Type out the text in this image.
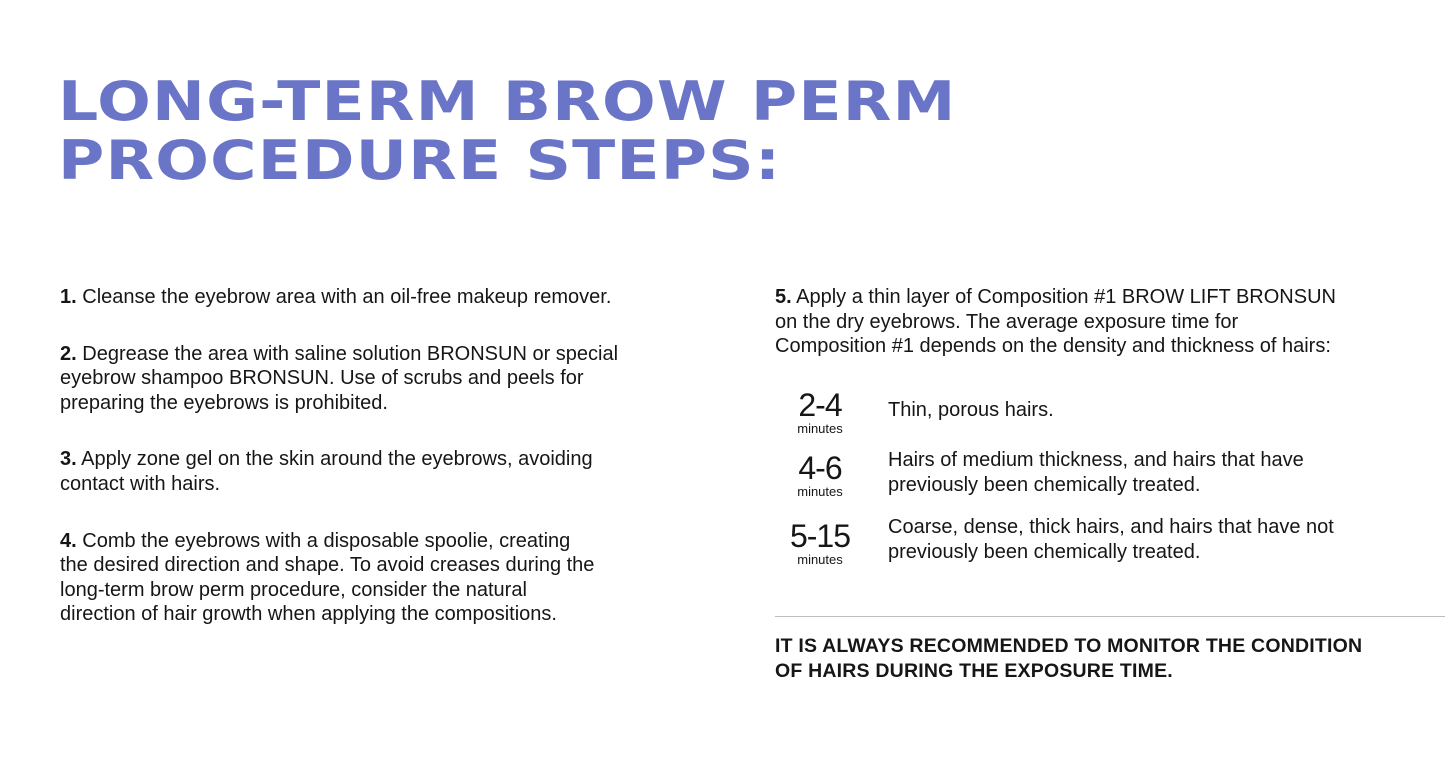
LONG-TERM BROW PERM
PROCEDURE STEPS:

1. Cleanse the eyebrow area with an oil-free makeup remover.

2. Degrease the area with saline solution BRONSUN or special eyebrow shampoo BRONSUN. Use of scrubs and peels for preparing the eyebrows is prohibited.

3. Apply zone gel on the skin around the eyebrows, avoiding contact with hairs.

4. Comb the eyebrows with a disposable spoolie, creating the desired direction and shape. To avoid creases during the long-term brow perm procedure, consider the natural direction of hair growth when applying the compositions.

5. Apply a thin layer of Composition #1 BROW LIFT BRONSUN on the dry eyebrows. The average exposure time for Composition #1 depends on the density and thickness of hairs:

2-4
minutes
Thin, porous hairs.
4-6
minutes
Hairs of medium thickness, and hairs that have previously been chemically treated.
5-15
minutes
Coarse, dense, thick hairs, and hairs that have not previously been chemically treated.

IT IS ALWAYS RECOMMENDED TO MONITOR THE CONDITION OF HAIRS DURING THE EXPOSURE TIME.
